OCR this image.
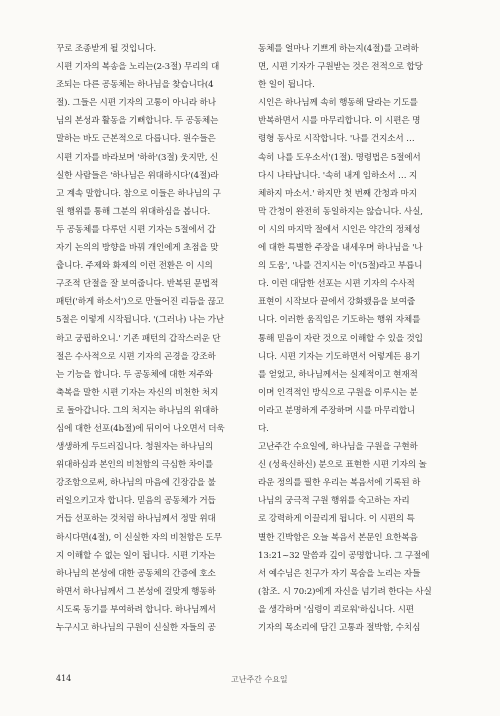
꾸로 조종받게 될 것입니다.
시편 기자의 복송을 노리는(2-3절) 무리의 대
조되는 다른 공동체는 하나님을 찾습니다(4
절). 그들은 시편 기자의 고통이 아니라 하나
님의 본성과 활동을 기뻐합니다. 두 공동체는
말하는 바도 근본적으로 다릅니다. 원수들은
시편 기자를 바라보며 '하하'(3절) 웃지만, 신
실한 사람들은 '하나님은 위대하시다'(4절)라
고 계속 말합니다. 참으로 이들은 하나님의 구
원 행위를 통해 그분의 위대하심을 봅니다.
두 공동체를 다루던 시편 기자는 5절에서 갑
자기 논의의 방향을 바꿔 개인에게 초점을 맞
춥니다. 주제와 화제의 이런 전환은 이 시의
구조적 단절을 잘 보여줍니다. 반복된 문법적
패턴('하게 하소서')으로 만들어진 리듬을 끊고
5절은 이렇게 시작됩니다. '(그러나) 나는 가난
하고 궁핍하오니.' 기존 패턴의 갑작스러운 단
절은 수사적으로 시편 기자의 곤경을 강조하
는 기능을 합니다. 두 공동체에 대한 저주와
축복을 말한 시편 기자는 자신의 비천한 처지
로 돌아갑니다. 그의 처지는 하나님의 위대하
심에 대한 선포(4b절)에 뒤이어 나오면서 더욱
생생하게 두드러집니다. 청원자는 하나님의
위대하심과 본인의 비천함의 극심한 차이를
강조함으로써, 하나님의 마음에 긴장감을 불
러일으키고자 합니다. 믿음의 공동체가 거듭
거듭 선포하는 것처럼 하나님께서 정말 위대
하시다면(4절), 이 신실한 자의 비천함은 도무
지 이해할 수 없는 일이 됩니다. 시편 기자는
하나님의 본성에 대한 공동체의 간증에 호소
하면서 하나님께서 그 본성에 걸맞게 행동하
시도록 동기를 부여하려 합니다. 하나님께서
누구시고 하나님의 구원이 신실한 자들의 공
동체를 얼마나 기쁘게 하는지(4절)를 고려하
면, 시편 기자가 구원받는 것은 전적으로 합당
한 일이 됩니다.
시인은 하나님께 속히 행동해 달라는 기도를
반복하면서 시를 마무리합니다. 이 시편은 명
령형 동사로 시작합니다. '나를 건지소서 …
속히 나를 도우소서'(1절). 명령법은 5절에서
다시 나타납니다. '속히 내게 임하소서 … 지
체하지 마소서.' 하지만 첫 번째 간청과 마지
막 간청이 완전히 동일하지는 않습니다. 사실,
이 시의 마지막 절에서 시인은 약간의 정체성
에 대한 특별한 주장을 내세우며 하나님을 '나
의 도움', '나를 건지시는 이'(5절)라고 부릅니
다. 이런 대담한 선포는 시편 기자의 수사적
표현이 시작보다 끝에서 강화됐음을 보여줍
니다. 이러한 움직임은 기도하는 행위 자체를
통해 믿음이 자란 것으로 이해할 수 있을 것입
니다. 시편 기자는 기도하면서 어렇게든 용기
를 얻었고, 하나님께서는 실제적이고 현재적
이며 인격적인 방식으로 구원을 이루시는 분
이라고 분명하게 주장하며 시를 마무리합니
다.
고난주간 수요일에, 하나님을 구원을 구현하
신 (성육신하신) 분으로 표현한 시편 기자의 놀
라운 정의를 필한 우리는 복음서에 기록된 하
나님의 궁극적 구원 행위를 숙고하는 자리
로 강력하게 이끌리게 됩니다. 이 시편의 특
별한 긴박함은 오늘 복음서 본문인 요한복음
13:21~32 말씀과 깊이 공명합니다. 그 구절에
서 예수님은 친구가 자기 목숨을 노리는 자들
(참조. 시 70:2)에게 자신을 넘기려 한다는 사실
을 생각하며 '심령이 괴로워'하십니다. 시편
기자의 목소리에 담긴 고통과 절박함, 수치심
414	고난주간 수요일
